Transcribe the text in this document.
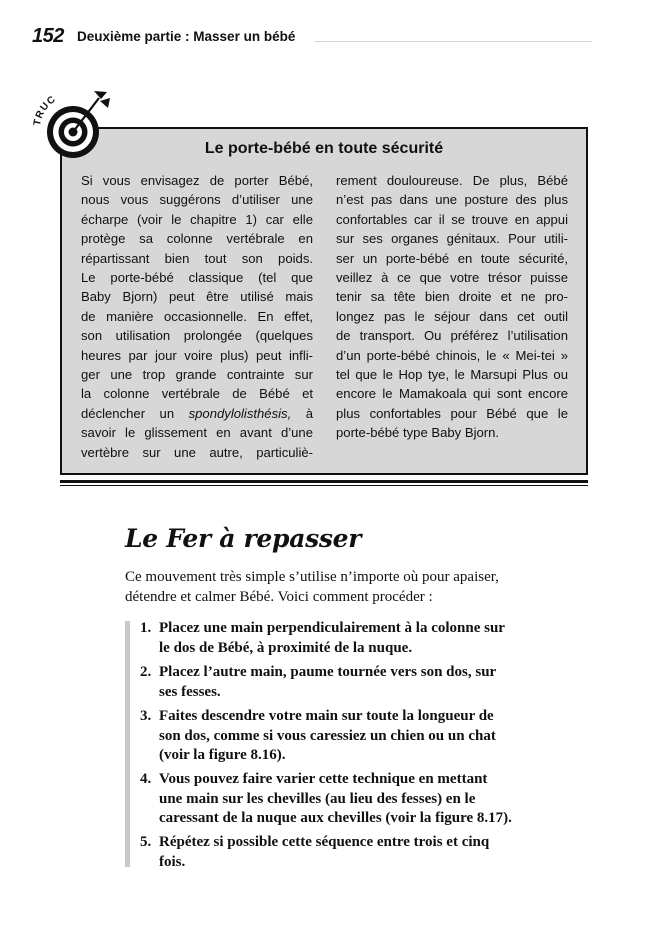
152 Deuxième partie : Masser un bébé
TRUC
Le porte-bébé en toute sécurité
Si vous envisagez de porter Bébé,
nous vous suggérons d’utiliser une
écharpe (voir le chapitre 1) car elle
protège sa colonne vertébrale en
répartissant bien tout son poids.
Le porte-bébé classique (tel que
Baby Bjorn) peut être utilisé mais
de manière occasionnelle. En effet,
son utilisation prolongée (quelques
heures par jour voire plus) peut infli-
ger une trop grande contrainte sur
la colonne vertébrale de Bébé et
déclencher un spondylolisthésis, à
savoir le glissement en avant d’une
vertèbre sur une autre, particuliè-
rement douloureuse. De plus, Bébé
n’est pas dans une posture des plus
confortables car il se trouve en appui
sur ses organes génitaux. Pour utili-
ser un porte-bébé en toute sécurité,
veillez à ce que votre trésor puisse
tenir sa tête bien droite et ne pro-
longez pas le séjour dans cet outil
de transport. Ou préférez l’utilisation
d’un porte-bébé chinois, le « Mei-tei »
tel que le Hop tye, le Marsupi Plus ou
encore le Mamakoala qui sont encore
plus confortables pour Bébé que le
porte-bébé type Baby Bjorn.
Le Fer à repasser
Ce mouvement très simple s’utilise n’importe où pour apaiser,
détendre et calmer Bébé. Voici comment procéder :
1. Placez une main perpendiculairement à la colonne sur
le dos de Bébé, à proximité de la nuque.
2. Placez l’autre main, paume tournée vers son dos, sur
ses fesses.
3. Faites descendre votre main sur toute la longueur de
son dos, comme si vous caressiez un chien ou un chat
(voir la figure 8.16).
4. Vous pouvez faire varier cette technique en mettant
une main sur les chevilles (au lieu des fesses) en le
caressant de la nuque aux chevilles (voir la figure 8.17).
5. Répétez si possible cette séquence entre trois et cinq
fois.
